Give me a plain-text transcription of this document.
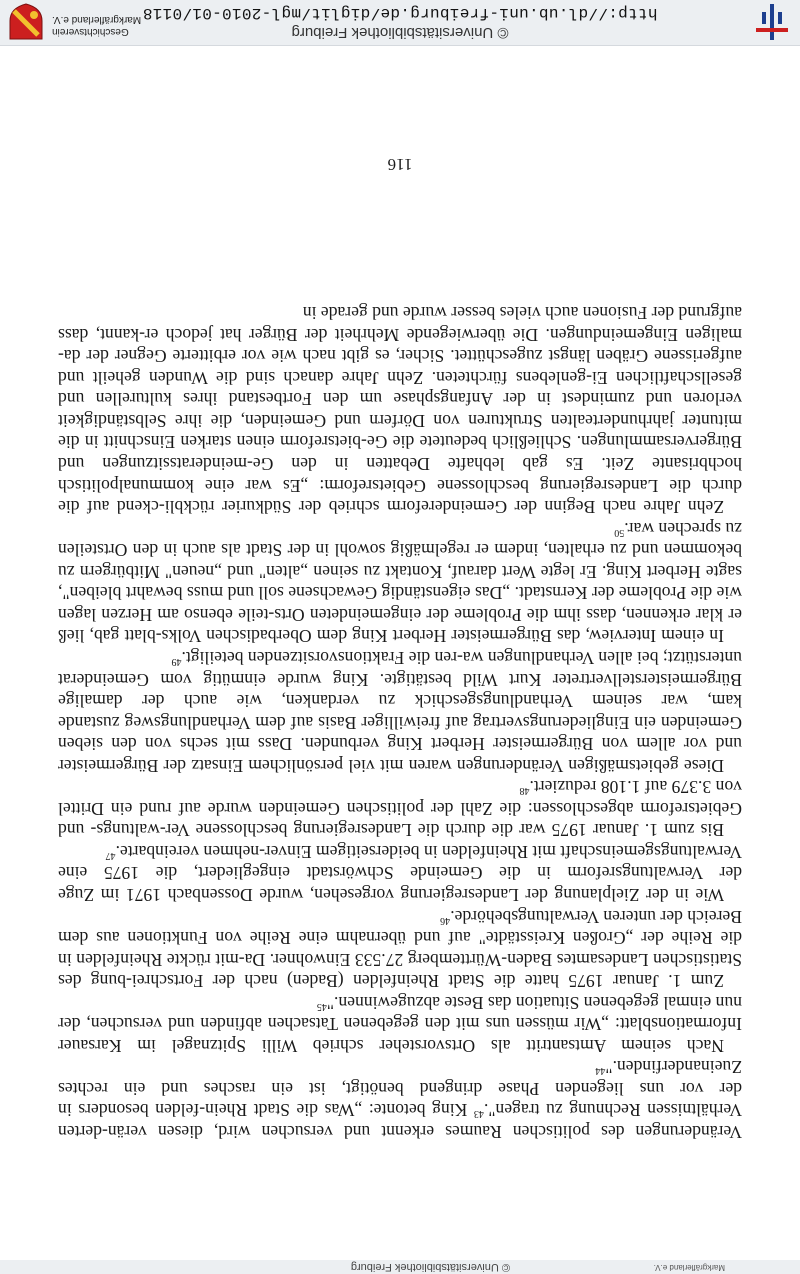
Markgräflerland e.V.
© Universitätsbibliothek Freiburg

Veränderungen des politischen Raumes erkennt und versuchen wird, diesen verän-derten Verhältnissen Rechnung zu tragen".$^{43}$ King betonte: „Was die Stadt Rhein-felden besonders in der vor uns liegenden Phase dringend benötigt, ist ein rasches und ein rechtes Zueinanderfinden."$^{44}$

Nach seinem Amtsantritt als Ortsvorsteher schrieb Willi Spitznagel im Karsauer Informationsblatt: „Wir müssen uns mit den gegebenen Tatsachen abfinden und versuchen, der nun einmal gegebenen Situation das Beste abzugewinnen."$^{45}$

Zum 1. Januar 1975 hatte die Stadt Rheinfelden (Baden) nach der Fortschrei-bung des Statistischen Landesamtes Baden-Württemberg 27.533 Einwohner. Da-mit rückte Rheinfelden in die Reihe der „Großen Kreisstädte" auf und übernahm eine Reihe von Funktionen aus dem Bereich der unteren Verwaltungsbehörde.$^{46}$

Wie in der Zielplanung der Landesregierung vorgesehen, wurde Dossenbach 1971 im Zuge der Verwaltungsreform in die Gemeinde Schwörstadt eingegliedert, die 1975 eine Verwaltungsgemeinschaft mit Rheinfelden in beiderseitigem Einver-nehmen vereinbarte.$^{47}$

Bis zum 1. Januar 1975 war die durch die Landesregierung beschlossene Ver-waltungs- und Gebietsreform abgeschlossen: die Zahl der politischen Gemeinden wurde auf rund ein Drittel von 3.379 auf 1.108 reduziert.$^{48}$

Diese gebietsmäßigen Veränderungen waren mit viel persönlichem Einsatz der Bürgermeister und vor allem von Bürgermeister Herbert King verbunden. Dass mit sechs von den sieben Gemeinden ein Eingliederungsvertrag auf freiwilliger Basis auf dem Verhandlungsweg zustande kam, war seinem Verhandlungsgeschick zu verdanken, wie auch der damalige Bürgermeisterstellvertreter Kurt Wild bestätigte. King wurde einmütig vom Gemeinderat unterstützt; bei allen Verhandlungen wa-ren die Fraktionsvorsitzenden beteiligt.$^{49}$

In einem Interview, das Bürgermeister Herbert King dem Oberbadischen Volks-blatt gab, ließ er klar erkennen, dass ihm die Probleme der eingemeindeten Orts-teile ebenso am Herzen lagen wie die Probleme der Kernstadt. „Das eigenständig Gewachsene soll und muss bewahrt bleiben", sagte Herbert King. Er legte Wert darauf, Kontakt zu seinen „alten" und „neuen" Mitbürgern zu bekommen und zu erhalten, indem er regelmäßig sowohl in der Stadt als auch in den Ortsteilen zu sprechen war.$^{50}$

Zehn Jahre nach Beginn der Gemeindereform schrieb der Südkurier rückbli-ckend auf die durch die Landesregierung beschlossene Gebietsreform: „Es war eine kommunalpolitisch hochbrisante Zeit. Es gab lebhafte Debatten in den Ge-meinderatssitzungen und Bürgerversammlungen. Schließlich bedeutete die Ge-bietsreform einen starken Einschnitt in die mitunter jahrhundertealten Strukturen von Dörfern und Gemeinden, die ihre Selbständigkeit verloren und zumindest in der Anfangsphase um den Fortbestand ihres kulturellen und gesellschaftlichen Ei-genlebens fürchteten. Zehn Jahre danach sind die Wunden geheilt und aufgerissene Gräben längst zugeschüttet. Sicher, es gibt nach wie vor erbitterte Gegner der da-maligen Eingemeindungen. Die überwiegende Mehrheit der Bürger hat jedoch er-kannt, dass aufgrund der Fusionen auch vieles besser wurde und gerade in

116
© Universitätsbibliothek Freiburg
http://dl.ub.uni-freiburg.de/diglit/mgl-2010-01/0118
Geschichtsverein
Markgräflerland e.V.
